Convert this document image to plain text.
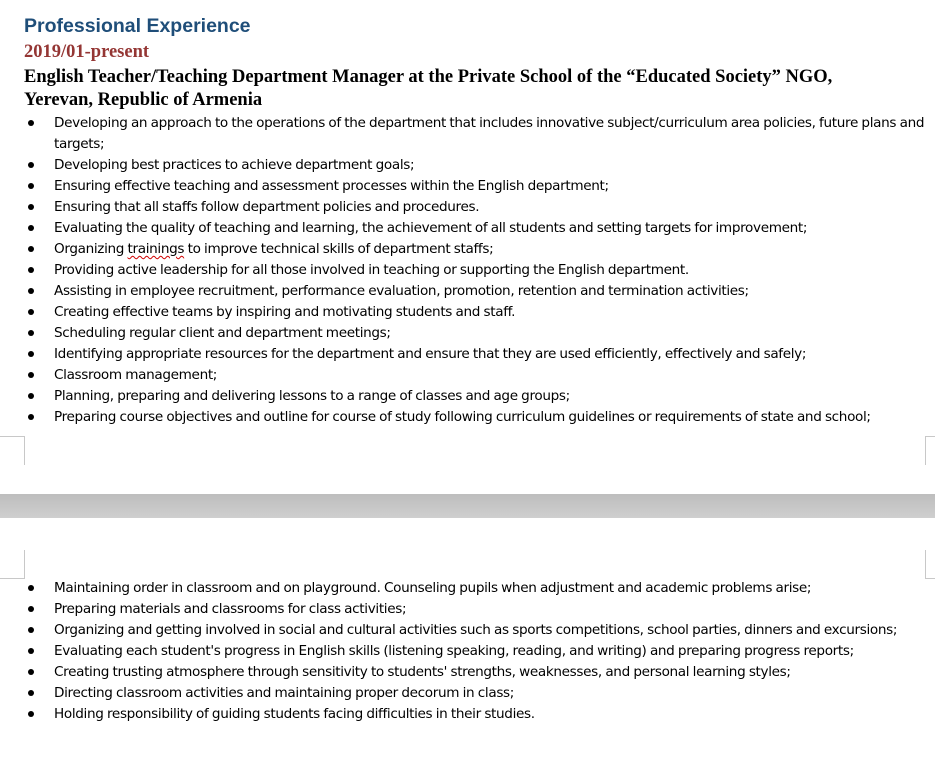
Professional Experience
2019/01-present
English Teacher/Teaching Department Manager at the Private School of the “Educated Society” NGO,
Yerevan, Republic of Armenia
Developing an approach to the operations of the department that includes innovative subject/curriculum area policies, future plans and targets;
Developing best practices to achieve department goals;
Ensuring effective teaching and assessment processes within the English department;
Ensuring that all staffs follow department policies and procedures.
Evaluating the quality of teaching and learning, the achievement of all students and setting targets for improvement;
Organizing trainings to improve technical skills of department staffs;
Providing active leadership for all those involved in teaching or supporting the English department.
Assisting in employee recruitment, performance evaluation, promotion, retention and termination activities;
Creating effective teams by inspiring and motivating students and staff.
Scheduling regular client and department meetings;
Identifying appropriate resources for the department and ensure that they are used efficiently, effectively and safely;
Classroom management;
Planning, preparing and delivering lessons to a range of classes and age groups;
Preparing course objectives and outline for course of study following curriculum guidelines or requirements of state and school;
Maintaining order in classroom and on playground. Counseling pupils when adjustment and academic problems arise;
Preparing materials and classrooms for class activities;
Organizing and getting involved in social and cultural activities such as sports competitions, school parties, dinners and excursions;
Evaluating each student's progress in English skills (listening speaking, reading, and writing) and preparing progress reports;
Creating trusting atmosphere through sensitivity to students' strengths, weaknesses, and personal learning styles;
Directing classroom activities and maintaining proper decorum in class;
Holding responsibility of guiding students facing difficulties in their studies.
